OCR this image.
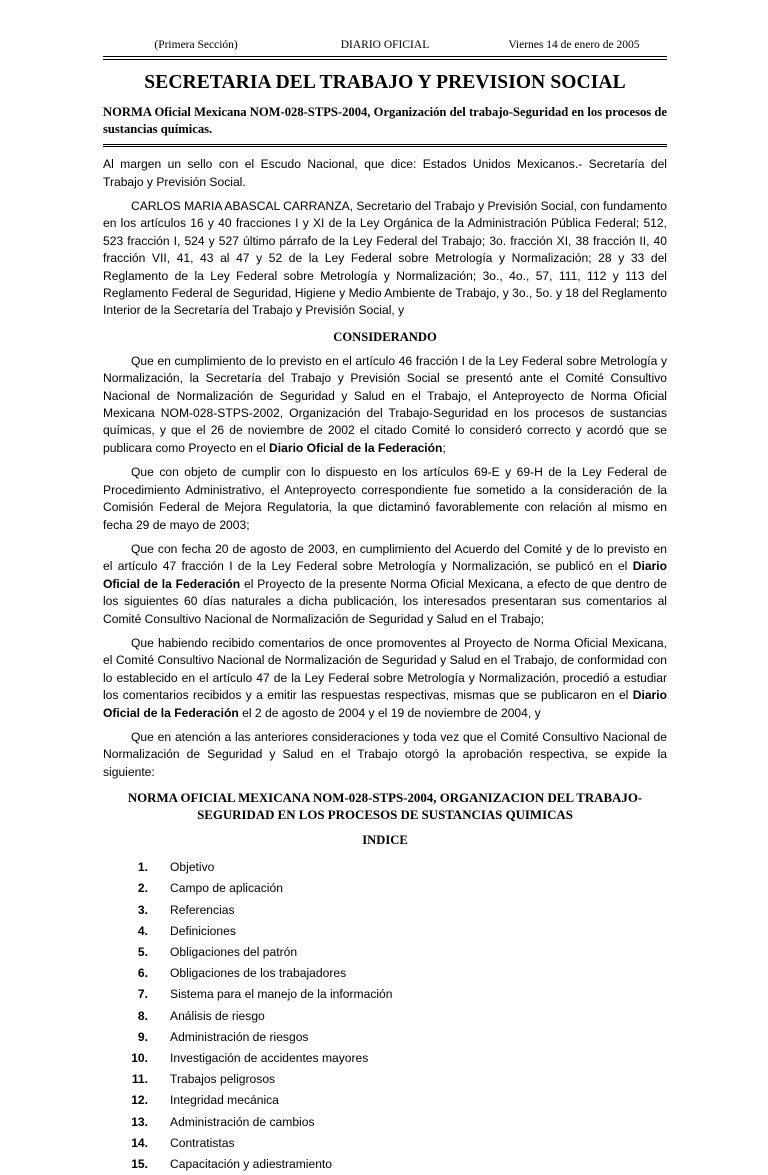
(Primera Sección)	DIARIO OFICIAL	Viernes 14 de enero de 2005
SECRETARIA DEL TRABAJO Y PREVISION SOCIAL

NORMA Oficial Mexicana NOM-028-STPS-2004, Organización del trabajo-Seguridad en los procesos de sustancias químicas.

Al margen un sello con el Escudo Nacional, que dice: Estados Unidos Mexicanos.- Secretaría del Trabajo y Previsión Social.

CARLOS MARIA ABASCAL CARRANZA, Secretario del Trabajo y Previsión Social, con fundamento en los artículos 16 y 40 fracciones I y XI de la Ley Orgánica de la Administración Pública Federal; 512, 523 fracción I, 524 y 527 último párrafo de la Ley Federal del Trabajo; 3o. fracción XI, 38 fracción II, 40 fracción VII, 41, 43 al 47 y 52 de la Ley Federal sobre Metrología y Normalización; 28 y 33 del Reglamento de la Ley Federal sobre Metrología y Normalización; 3o., 4o., 57, 111, 112 y 113 del Reglamento Federal de Seguridad, Higiene y Medio Ambiente de Trabajo, y 3o., 5o. y 18 del Reglamento Interior de la Secretaría del Trabajo y Previsión Social, y

CONSIDERANDO

Que en cumplimiento de lo previsto en el artículo 46 fracción I de la Ley Federal sobre Metrología y Normalización, la Secretaría del Trabajo y Previsión Social se presentó ante el Comité Consultivo Nacional de Normalización de Seguridad y Salud en el Trabajo, el Anteproyecto de Norma Oficial Mexicana NOM-028-STPS-2002, Organización del Trabajo-Seguridad en los procesos de sustancias químicas, y que el 26 de noviembre de 2002 el citado Comité lo consideró correcto y acordó que se publicara como Proyecto en el Diario Oficial de la Federación;

Que con objeto de cumplir con lo dispuesto en los artículos 69-E y 69-H de la Ley Federal de Procedimiento Administrativo, el Anteproyecto correspondiente fue sometido a la consideración de la Comisión Federal de Mejora Regulatoria, la que dictaminó favorablemente con relación al mismo en fecha 29 de mayo de 2003;

Que con fecha 20 de agosto de 2003, en cumplimiento del Acuerdo del Comité y de lo previsto en el artículo 47 fracción I de la Ley Federal sobre Metrología y Normalización, se publicó en el Diario Oficial de la Federación el Proyecto de la presente Norma Oficial Mexicana, a efecto de que dentro de los siguientes 60 días naturales a dicha publicación, los interesados presentaran sus comentarios al Comité Consultivo Nacional de Normalización de Seguridad y Salud en el Trabajo;

Que habiendo recibido comentarios de once promoventes al Proyecto de Norma Oficial Mexicana, el Comité Consultivo Nacional de Normalización de Seguridad y Salud en el Trabajo, de conformidad con lo establecido en el artículo 47 de la Ley Federal sobre Metrología y Normalización, procedió a estudiar los comentarios recibidos y a emitir las respuestas respectivas, mismas que se publicaron en el Diario Oficial de la Federación el 2 de agosto de 2004 y el 19 de noviembre de 2004, y

Que en atención a las anteriores consideraciones y toda vez que el Comité Consultivo Nacional de Normalización de Seguridad y Salud en el Trabajo otorgó la aprobación respectiva, se expide la siguiente:

NORMA OFICIAL MEXICANA NOM-028-STPS-2004, ORGANIZACION DEL TRABAJO- SEGURIDAD EN LOS PROCESOS DE SUSTANCIAS QUIMICAS

INDICE

1.	Objetivo
2.	Campo de aplicación
3.	Referencias
4.	Definiciones
5.	Obligaciones del patrón
6.	Obligaciones de los trabajadores
7.	Sistema para el manejo de la información
8.	Análisis de riesgo
9.	Administración de riesgos
10.	Investigación de accidentes mayores
11.	Trabajos peligrosos
12.	Integridad mecánica
13.	Administración de cambios
14.	Contratistas
15.	Capacitación y adiestramiento
